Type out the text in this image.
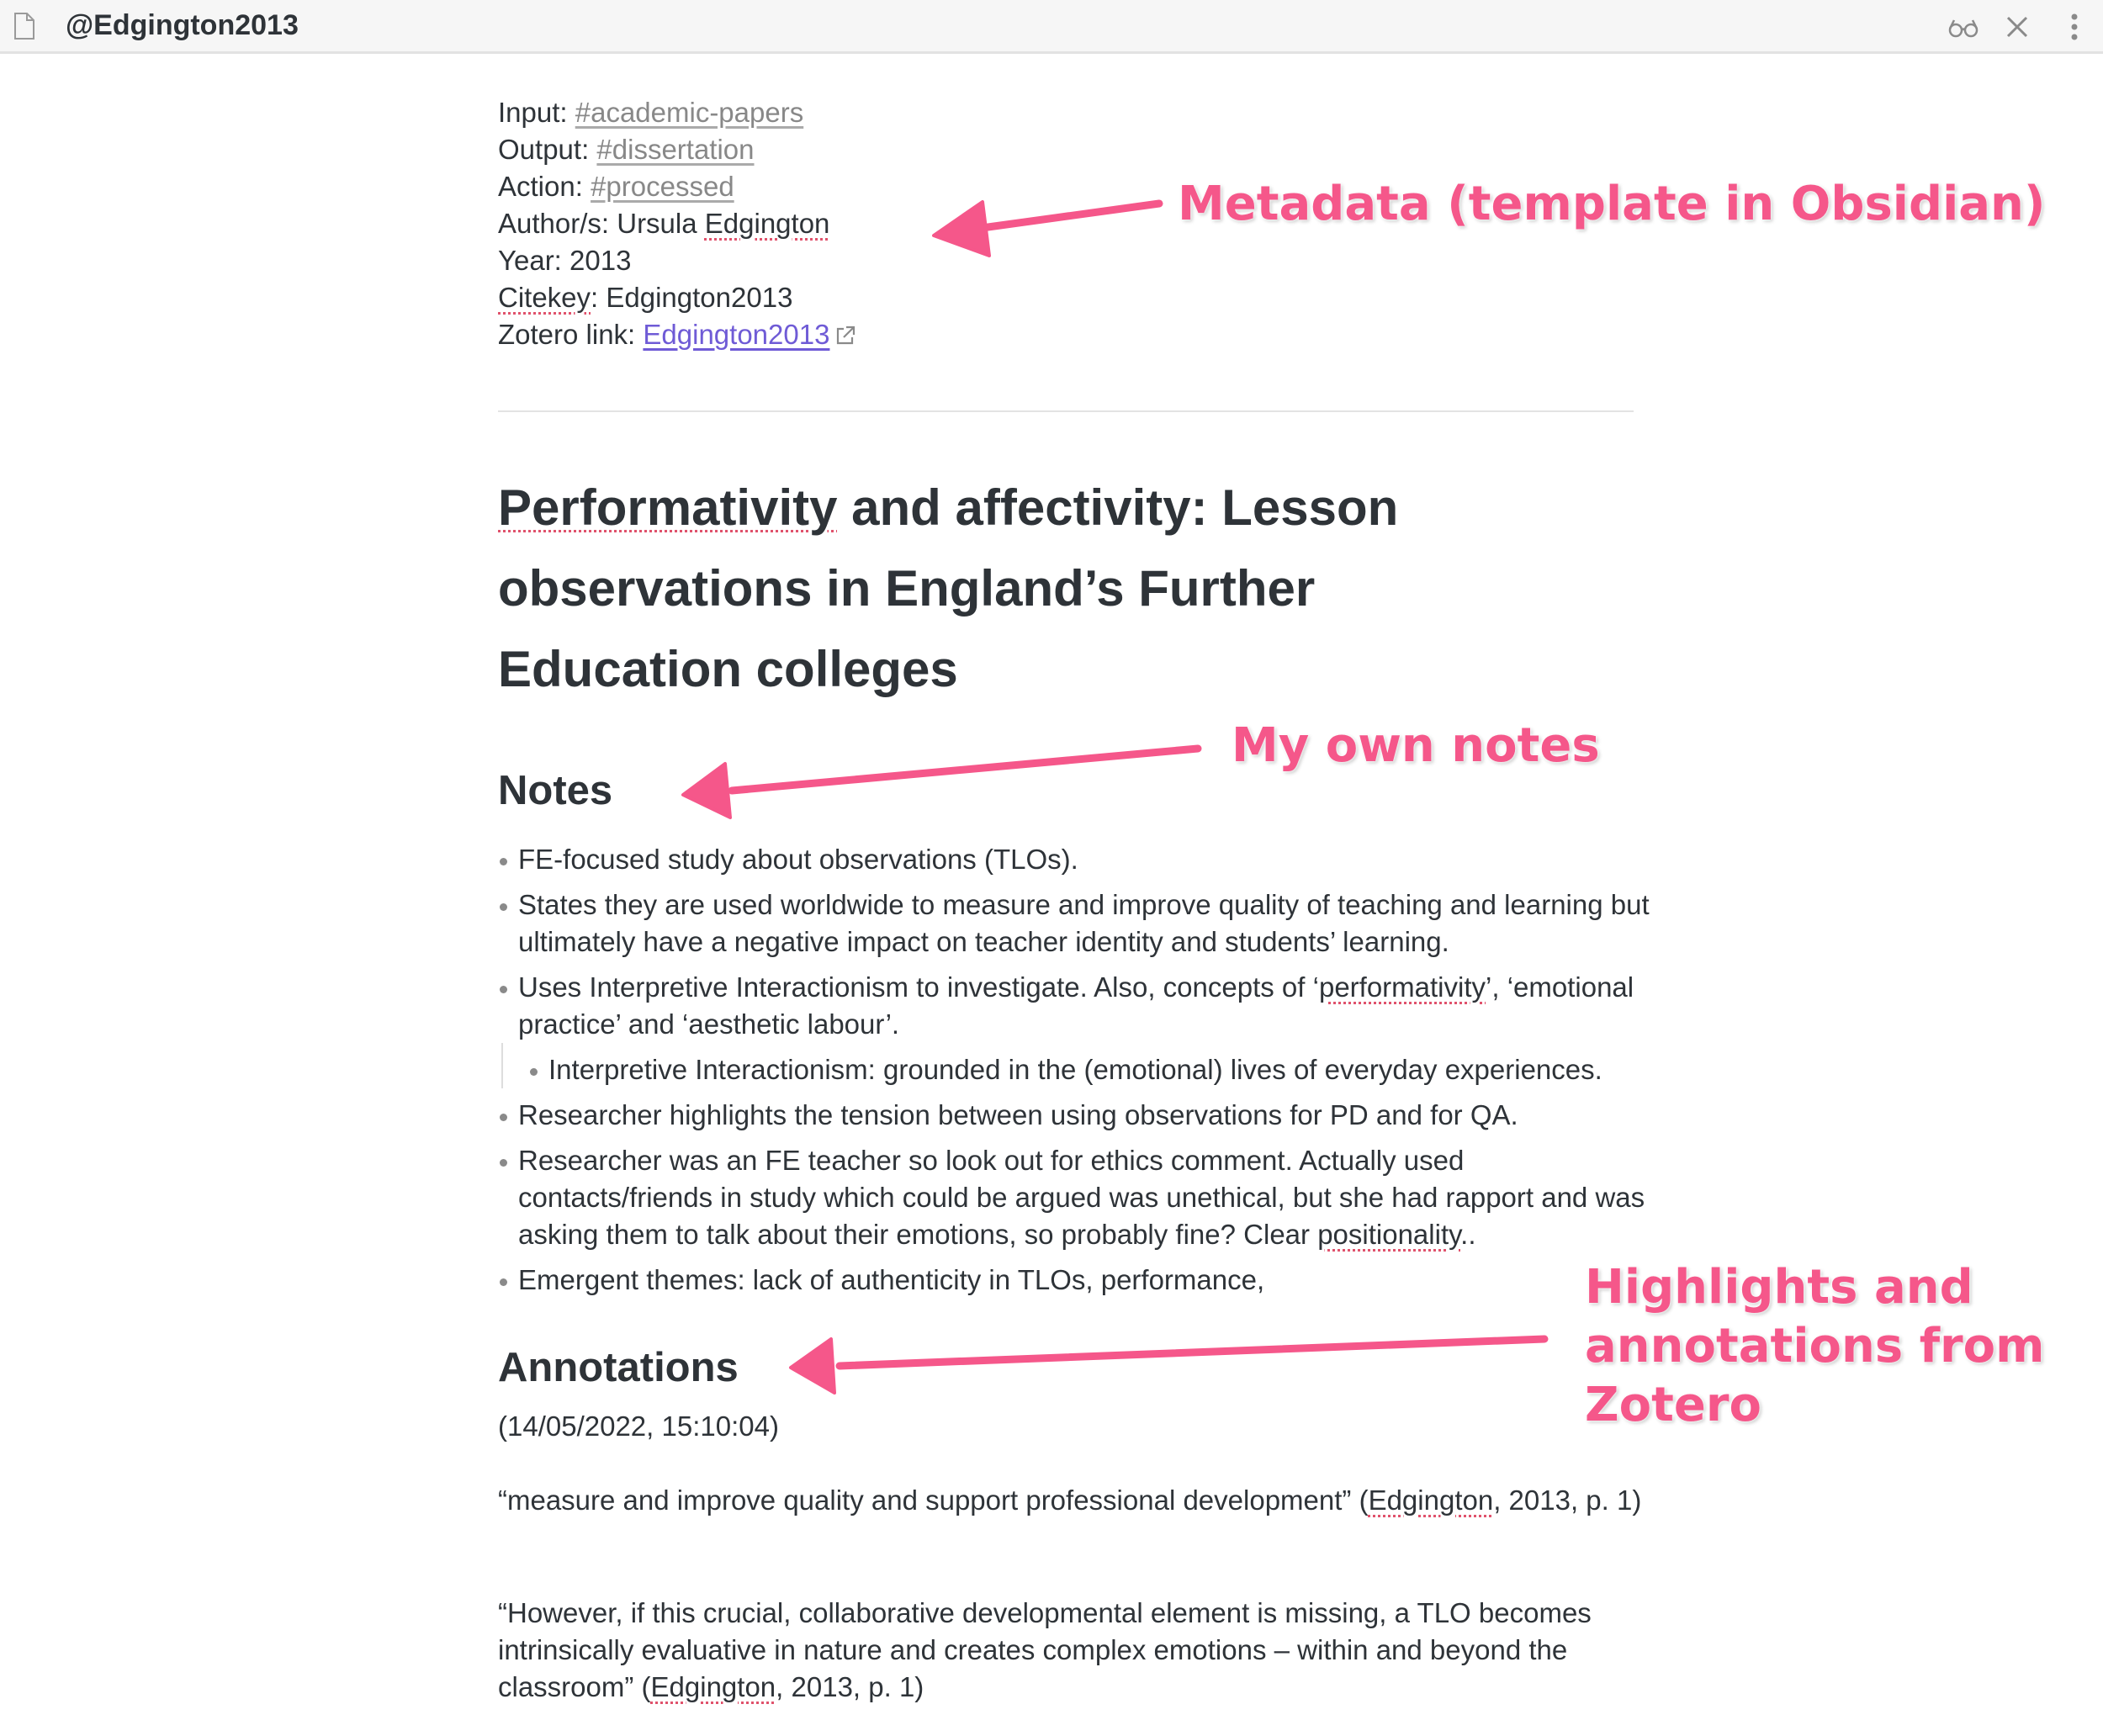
@Edgington2013
Input: #academic-papers
Output: #dissertation
Action: #processed
Author/s: Ursula Edgington
Year: 2013
Citekey: Edgington2013
Zotero link: Edgington2013
Performativity and affectivity: Lesson
observations in England’s Further
Education colleges
Notes
FE-focused study about observations (TLOs).
States they are used worldwide to measure and improve quality of teaching and learning but ultimately have a negative impact on teacher identity and students’ learning.
Uses Interpretive Interactionism to investigate. Also, concepts of ‘performativity’, ‘emotional practice’ and ‘aesthetic labour’.
Interpretive Interactionism: grounded in the (emotional) lives of everyday experiences.
Researcher highlights the tension between using observations for PD and for QA.
Researcher was an FE teacher so look out for ethics comment. Actually used contacts/friends in study which could be argued was unethical, but she had rapport and was asking them to talk about their emotions, so probably fine? Clear positionality..
Emergent themes: lack of authenticity in TLOs, performance,
Annotations
(14/05/2022, 15:10:04)
“measure and improve quality and support professional development” (Edgington, 2013, p. 1)
“However, if this crucial, collaborative developmental element is missing, a TLO becomes intrinsically evaluative in nature and creates complex emotions – within and beyond the classroom” (Edgington, 2013, p. 1)
Metadata (template in Obsidian)
My own notes
Highlights and
annotations from
Zotero
